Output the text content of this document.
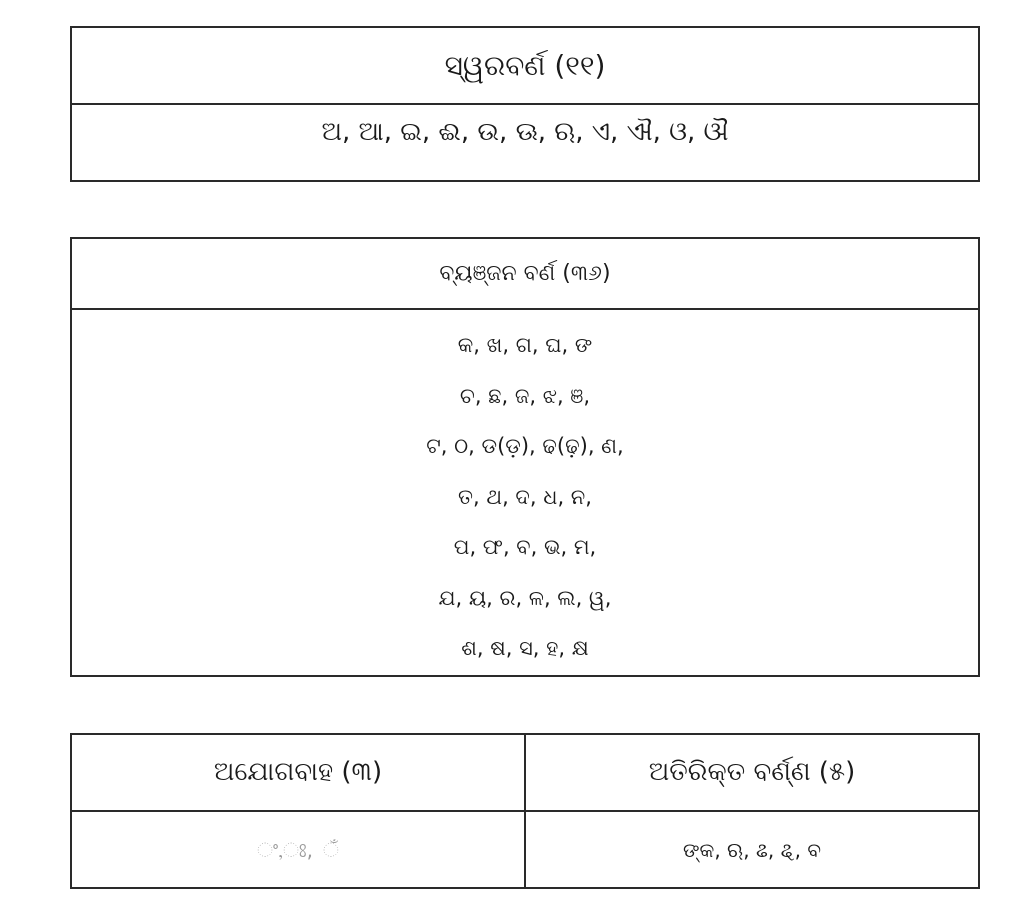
ସ୍ୱରବର୍ଣ (୧୧)
ଅ, ଆ, ଇ, ଈ, ଉ, ଊ, ଋ, ଏ, ଐ, ଓ, ଔ
ବ୍ୟଞ୍ଜନ ବର୍ଣ (୩୬)
କ, ଖ, ଗ, ଘ, ଙ
ଚ, ଛ, ଜ, ଝ, ଞ,
ଟ, ଠ, ଡ(ଡ଼), ଢ(ଢ଼), ଣ,
ତ, ଥ, ଦ, ଧ, ନ,
ପ, ଫ, ବ, ଭ, ମ,
ଯ, ୟ, ର, ଳ, ଲ, ୱ,
ଶ, ଷ, ସ, ହ, କ୍ଷ
ଅଯୋଗବାହ (୩)	ଅତିରିକ୍ତ ବର୍ଣ୍ଣ (୫)
ଂ,ଃ, ଁ	ଙ୍କ, ଋ, ଌ, ୡ, ବ
